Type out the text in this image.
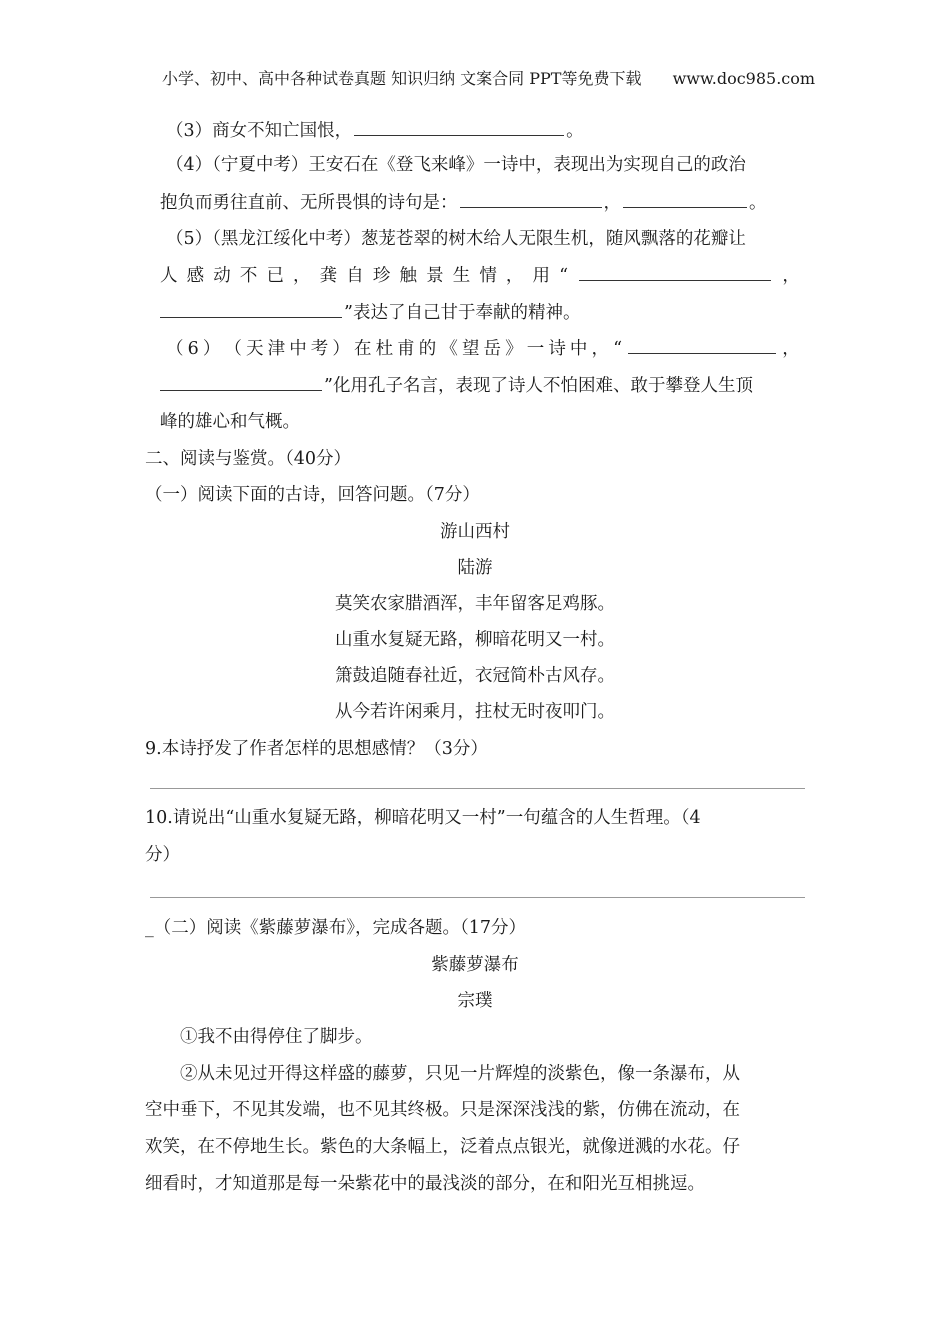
小学、初中、高中各种试卷真题 知识归纳 文案合同 PPT等免费下载 www.doc985.com
（3）商女不知亡国恨，	。
（4）（宁夏中考）王安石在《登飞来峰》一诗中，表现出为实现自己的政治
抱负而勇往直前、无所畏惧的诗句是：	，	。
（5）（黑龙江绥化中考）葱茏苍翠的树木给人无限生机，随风飘落的花瓣让
人 感 动 不 已 ， 龚 自 珍 触 景 生 情 ， 用 “	，
”表达了自己甘于奉献的精神。
（ 6 ） （ 天 津 中 考 ） 在 杜 甫 的 《 望 岳 》 一 诗 中 ， “	，
”化用孔子名言，表现了诗人不怕困难、敢于攀登人生顶
峰的雄心和气概。
二、阅读与鉴赏。（40分）
（一）阅读下面的古诗，回答问题。（7分）
游山西村
陆游
莫笑农家腊酒浑，丰年留客足鸡豚。
山重水复疑无路，柳暗花明又一村。
箫鼓追随春社近，衣冠简朴古风存。
从今若许闲乘月，拄杖无时夜叩门。
9.本诗抒发了作者怎样的思想感情？（3分）
10.请说出“山重水复疑无路，柳暗花明又一村”一句蕴含的人生哲理。（4
分）
_（二）阅读《紫藤萝瀑布》，完成各题。（17分）
紫藤萝瀑布
宗璞
①我不由得停住了脚步。
②从未见过开得这样盛的藤萝，只见一片辉煌的淡紫色，像一条瀑布，从
空中垂下，不见其发端，也不见其终极。只是深深浅浅的紫，仿佛在流动，在
欢笑，在不停地生长。紫色的大条幅上，泛着点点银光，就像迸溅的水花。仔
细看时，才知道那是每一朵紫花中的最浅淡的部分，在和阳光互相挑逗。
